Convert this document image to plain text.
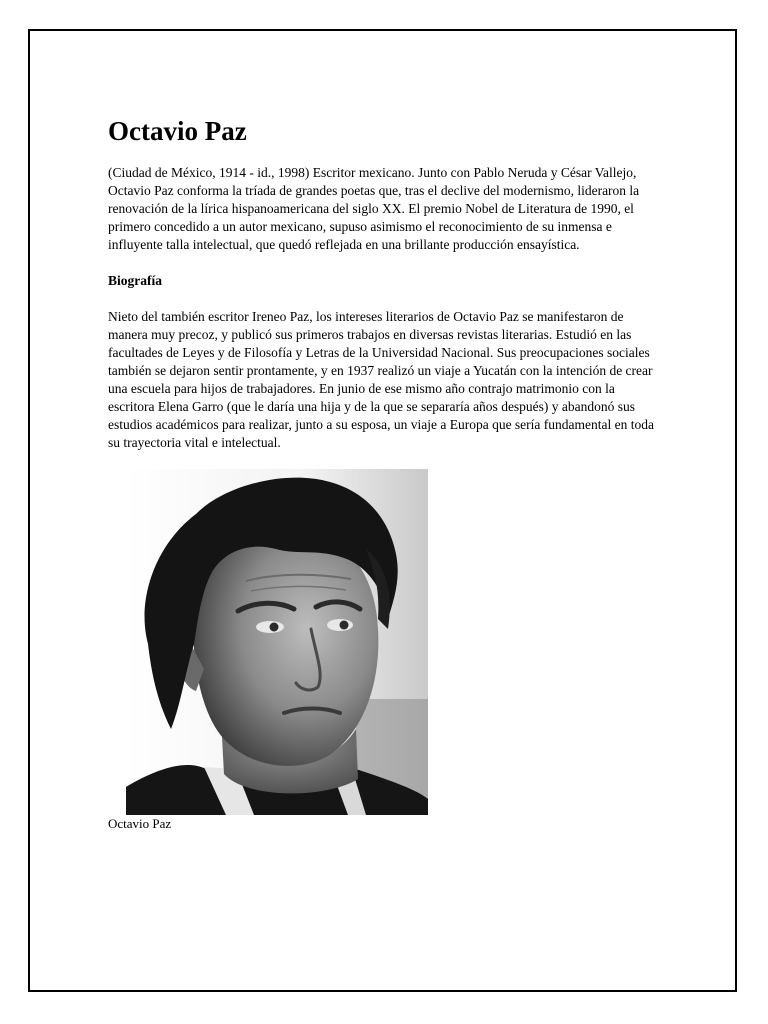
Octavio Paz

(Ciudad de México, 1914 - id., 1998) Escritor mexicano. Junto con Pablo Neruda y César Vallejo, Octavio Paz conforma la tríada de grandes poetas que, tras el declive del modernismo, lideraron la renovación de la lírica hispanoamericana del siglo XX. El premio Nobel de Literatura de 1990, el primero concedido a un autor mexicano, supuso asimismo el reconocimiento de su inmensa e influyente talla intelectual, que quedó reflejada en una brillante producción ensayística.

Biografía

Nieto del también escritor Ireneo Paz, los intereses literarios de Octavio Paz se manifestaron de manera muy precoz, y publicó sus primeros trabajos en diversas revistas literarias. Estudió en las facultades de Leyes y de Filosofía y Letras de la Universidad Nacional. Sus preocupaciones sociales también se dejaron sentir prontamente, y en 1937 realizó un viaje a Yucatán con la intención de crear una escuela para hijos de trabajadores. En junio de ese mismo año contrajo matrimonio con la escritora Elena Garro (que le daría una hija y de la que se separaría años después) y abandonó sus estudios académicos para realizar, junto a su esposa, un viaje a Europa que sería fundamental en toda su trayectoria vital e intelectual.

Octavio Paz
